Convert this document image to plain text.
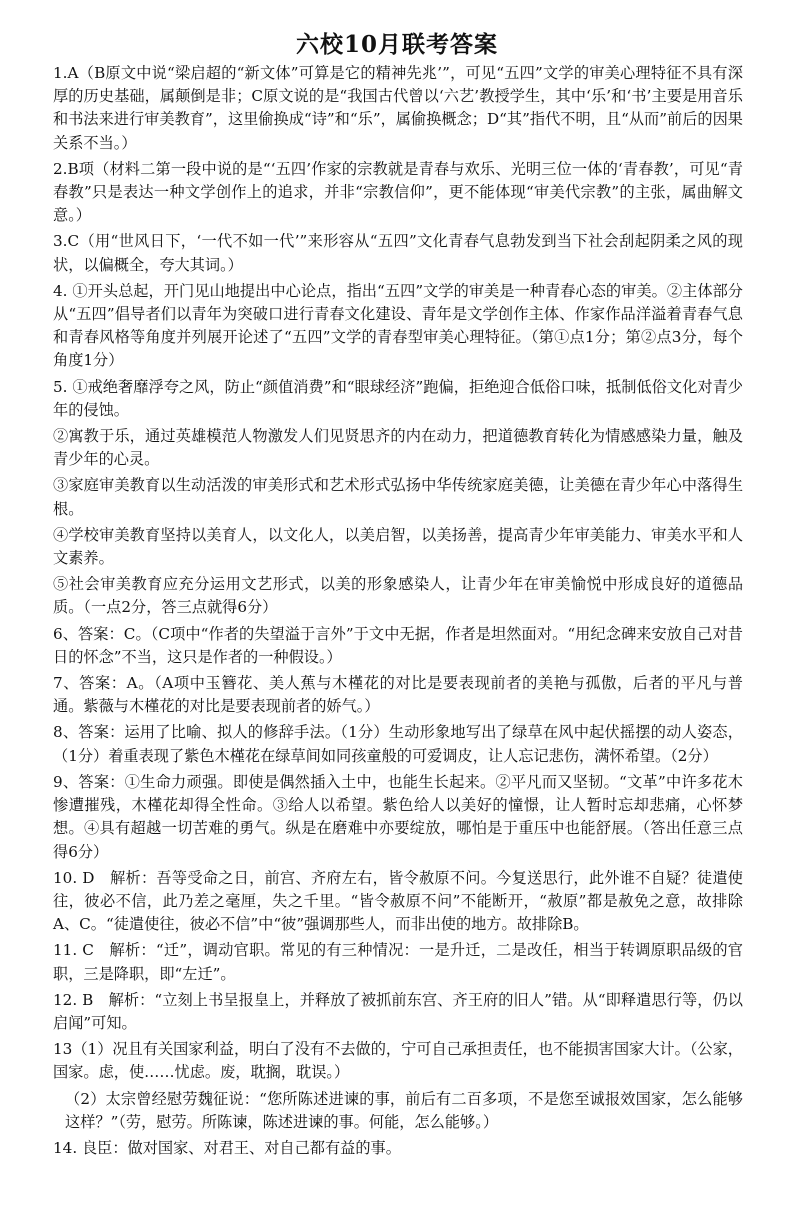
六校10月联考答案

1.A（B原文中说“梁启超的“新文体”可算是它的精神先兆’”，可见“五四”文学的审美心理特征不具有深厚的历史基础，属颠倒是非；C原文说的是“我国古代曾以‘六艺’教授学生，其中‘乐’和‘书’主要是用音乐和书法来进行审美教育”，这里偷换成“诗”和“乐”，属偷换概念；D“其”指代不明，且“从而”前后的因果关系不当。）

2.B项（材料二第一段中说的是“‘五四’作家的宗教就是青春与欢乐、光明三位一体的‘青春教’，可见“青春教”只是表达一种文学创作上的追求，并非“宗教信仰”，更不能体现“审美代宗教”的主张，属曲解文意。）

3.C（用“世风日下，‘一代不如一代’”来形容从“五四”文化青春气息勃发到当下社会刮起阴柔之风的现状，以偏概全，夸大其词。）

4. ①开头总起，开门见山地提出中心论点，指出“五四”文学的审美是一种青春心态的审美。②主体部分从“五四”倡导者们以青年为突破口进行青春文化建设、青年是文学创作主体、作家作品洋溢着青春气息和青春风格等角度并列展开论述了“五四”文学的青春型审美心理特征。（第①点1分；第②点3分，每个角度1分）

5. ①戒绝奢靡浮夸之风，防止“颜值消费”和“眼球经济”跑偏，拒绝迎合低俗口味，抵制低俗文化对青少年的侵蚀。

②寓教于乐，通过英雄模范人物激发人们见贤思齐的内在动力，把道德教育转化为情感感染力量，触及青少年的心灵。

③家庭审美教育以生动活泼的审美形式和艺术形式弘扬中华传统家庭美德，让美德在青少年心中落得生根。

④学校审美教育坚持以美育人，以文化人，以美启智，以美扬善，提高青少年审美能力、审美水平和人文素养。

⑤社会审美教育应充分运用文艺形式，以美的形象感染人，让青少年在审美愉悦中形成良好的道德品质。（一点2分，答三点就得6分）

6、答案：C。（C项中“作者的失望溢于言外”于文中无据，作者是坦然面对。“用纪念碑来安放自己对昔日的怀念”不当，这只是作者的一种假设。）

7、答案：A。（A项中玉簪花、美人蕉与木槿花的对比是要表现前者的美艳与孤傲，后者的平凡与普通。紫薇与木槿花的对比是要表现前者的娇气。）

8、答案：运用了比喻、拟人的修辞手法。（1分）生动形象地写出了绿草在风中起伏摇摆的动人姿态，（1分）着重表现了紫色木槿花在绿草间如同孩童般的可爱调皮，让人忘记悲伤，满怀希望。（2分）

9、答案：①生命力顽强。即使是偶然插入土中，也能生长起来。②平凡而又坚韧。“文革”中许多花木惨遭摧残，木槿花却得全性命。③给人以希望。紫色给人以美好的憧憬，让人暂时忘却悲痛，心怀梦想。④具有超越一切苦难的勇气。纵是在磨难中亦要绽放，哪怕是于重压中也能舒展。（答出任意三点得6分）

10. D　解析：吾等受命之日，前宫、齐府左右，皆令赦原不问。今复送思行，此外谁不自疑？徒遣使往，彼必不信，此乃差之毫厘，失之千里。“皆令赦原不问”不能断开，“赦原”都是赦免之意，故排除A、C。“徒遣使往，彼必不信”中“彼”强调那些人，而非出使的地方。故排除B。

11. C　解析：“迁”，调动官职。常见的有三种情况：一是升迁，二是改任，相当于转调原职品级的官职，三是降职，即“左迁”。

12. B　解析：“立刻上书呈报皇上，并释放了被抓前东宫、齐王府的旧人”错。从“即释遣思行等，仍以启闻”可知。

13（1）况且有关国家利益，明白了没有不去做的，宁可自己承担责任，也不能损害国家大计。（公家，国家。虑，使……忧虑。废，耽搁，耽误。）

（2）太宗曾经慰劳魏征说：“您所陈述进谏的事，前后有二百多项，不是您至诚报效国家，怎么能够这样？”（劳，慰劳。所陈谏，陈述进谏的事。何能，怎么能够。）

14. 良臣：做对国家、对君王、对自己都有益的事。
